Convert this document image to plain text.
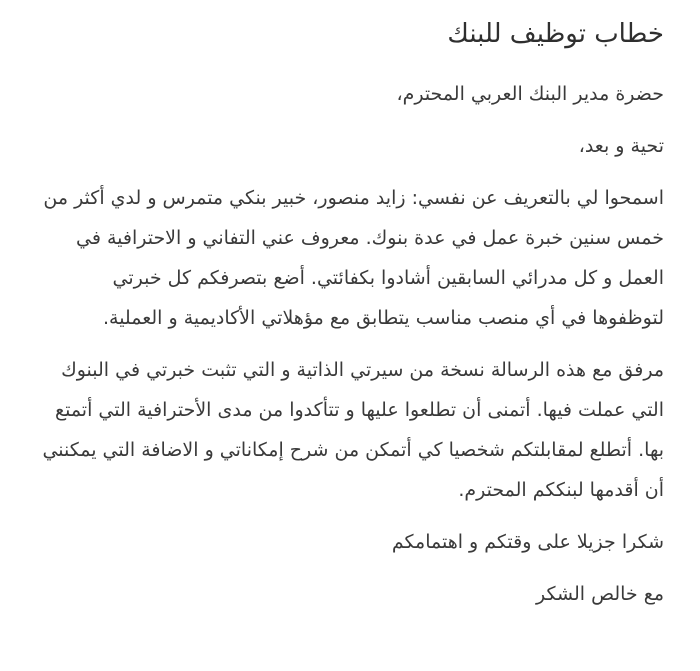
خطاب توظيف للبنك

حضرة مدير البنك العربي المحترم،

تحية و بعد،

اسمحوا لي بالتعريف عن نفسي: زايد منصور، خبير بنكي متمرس و لدي أكثر من خمس سنين خبرة عمل في عدة بنوك. معروف عني التفاني و الاحترافية في العمل و كل مدرائي السابقين أشادوا بكفائتي. أضع بتصرفكم كل خبرتي لتوظفوها في أي منصب مناسب يتطابق مع مؤهلاتي الأكاديمية و العملية.

مرفق مع هذه الرسالة نسخة من سيرتي الذاتية و التي تثبت خبرتي في البنوك التي عملت فيها. أتمنى أن تطلعوا عليها و تتأكدوا من مدى الأحترافية التي أتمتع بها. أتطلع لمقابلتكم شخصيا كي أتمكن من شرح إمكاناتي و الاضافة التي يمكنني أن أقدمها لبنككم المحترم.

شكرا جزيلا على وقتكم و اهتمامكم

مع خالص الشكر
